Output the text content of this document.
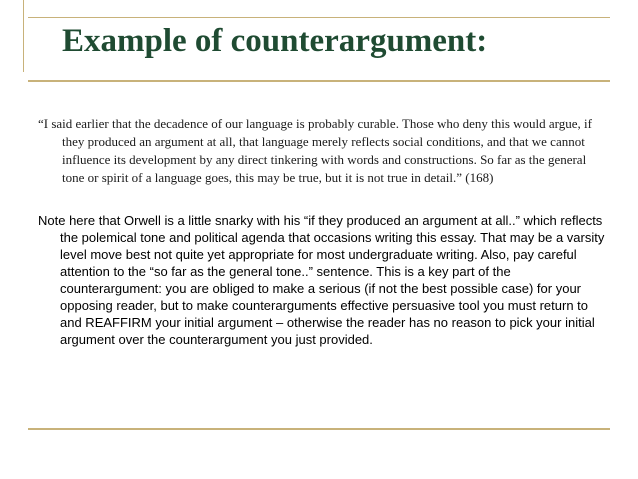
Example of counterargument:

“I said earlier that the decadence of our language is probably curable. Those who deny this would argue, if they produced an argument at all, that language merely reflects social conditions, and that we cannot influence its development by any direct tinkering with words and constructions. So far as the general tone or spirit of a language goes, this may be true, but it is not true in detail.” (168)

Note here that Orwell is a little snarky with his “if they produced an argument at all..” which reflects the polemical tone and political agenda that occasions writing this essay. That may be a varsity level move best not quite yet appropriate for most undergraduate writing. Also, pay careful attention to the “so far as the general tone..” sentence. This is a key part of the counterargument: you are obliged to make a serious (if not the best possible case) for your opposing reader, but to make counterarguments effective persuasive tool you must return to and REAFFIRM your initial argument – otherwise the reader has no reason to pick your initial argument over the counterargument you just provided.
